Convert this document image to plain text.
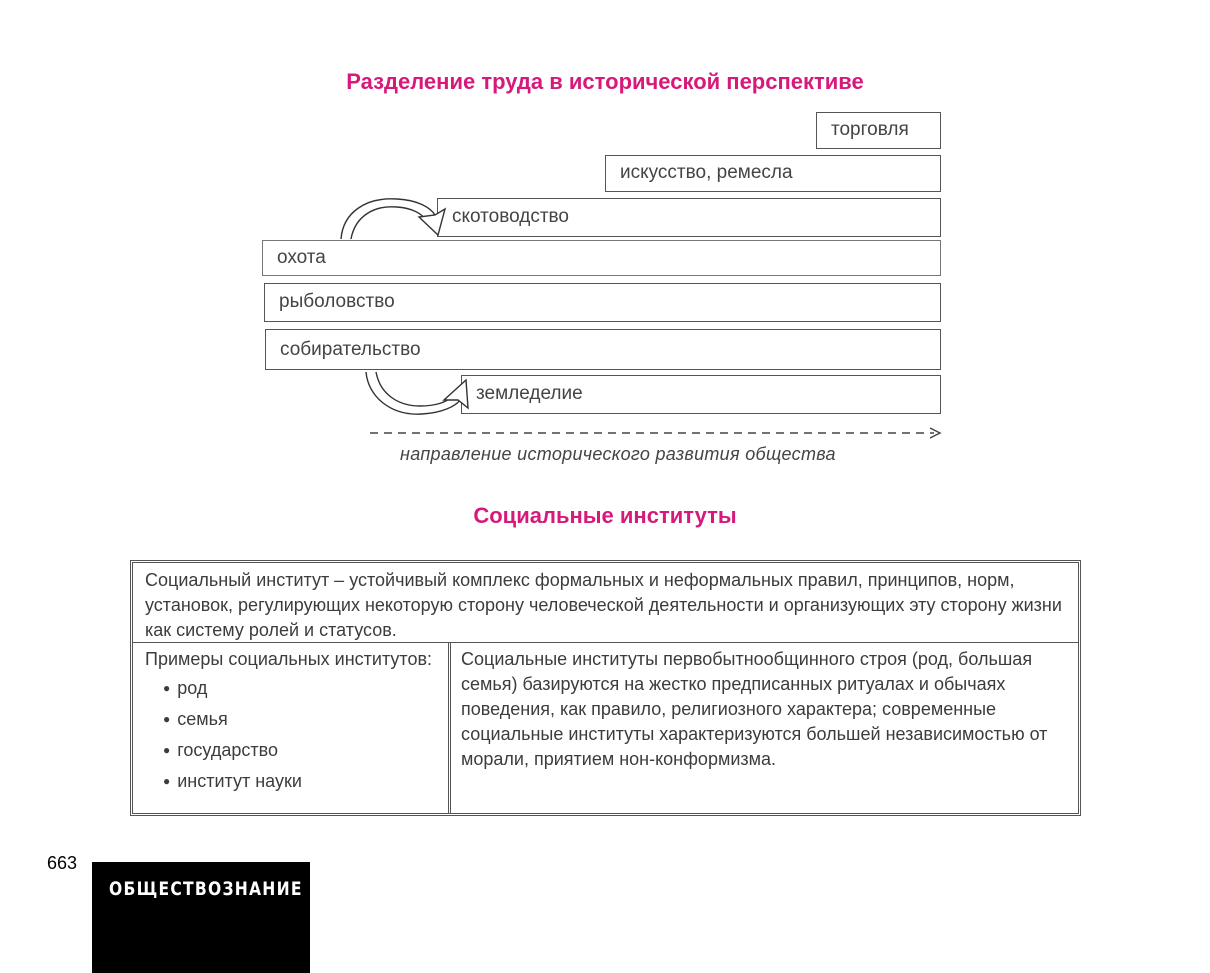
Разделение труда в исторической перспективе
торговля
искусство, ремесла
скотоводство
охота
рыболовство
собирательство
земледелие
направление исторического развития общества
Социальные институты

Социальный институт – устойчивый комплекс формальных и неформальных правил, принципов, норм, установок, регулирующих некоторую сторону человеческой деятельности и организующих эту сторону жизни как систему ролей и статусов.

Примеры социальных институтов:

● род
● семья
● государство
● институт науки

Социальные институты первобытнообщинного строя (род, большая семья) базируются на жестко предписанных ритуалах и обычаях поведения, как правило, религиозного характера; современные социальные институты характеризуются большей независимостью от морали, приятием нон-конформизма.

663
ОБЩЕСТВОЗНАНИЕ
